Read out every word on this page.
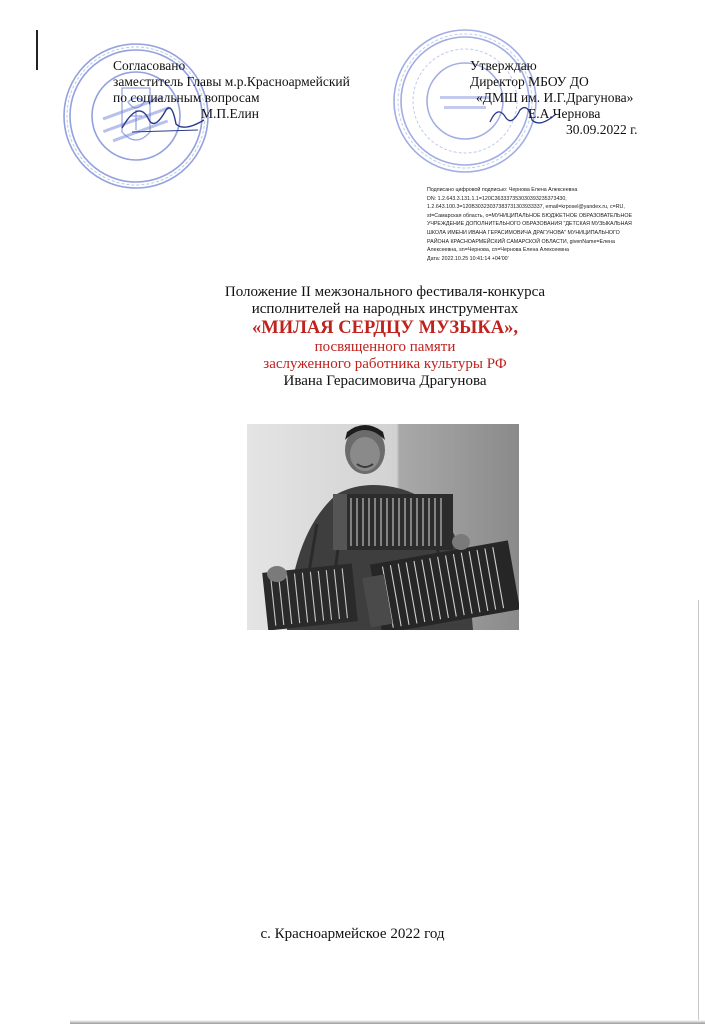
Согласовано
заместитель Главы м.р.Красноармейский
по социальным вопросам
М.П.Елин
Утверждаю
Директор МБОУ ДО
«ДМШ им. И.Г.Драгунова»
Е.А.Чернова
30.09.2022 г.
Подписано цифровой подписью: Чернова Елена Алексеевна
DN: 1.2.643.3.131.1.1=120C363337353030393235373430,
1.2.643.100.3=120B30323037383731303933337, email=krposel@yandex.ru, c=RU,
st=Самарская область, o=МУНИЦИПАЛЬНОЕ БЮДЖЕТНОЕ ОБРАЗОВАТЕЛЬНОЕ
УЧРЕЖДЕНИЕ ДОПОЛНИТЕЛЬНОГО ОБРАЗОВАНИЯ "ДЕТСКАЯ МУЗЫКАЛЬНАЯ
ШКОЛА ИМЕНИ ИВАНА ГЕРАСИМОВИЧА ДРАГУНОВА" МУНИЦИПАЛЬНОГО
РАЙОНА КРАСНОАРМЕЙСКИЙ САМАРСКОЙ ОБЛАСТИ, givenName=Елена
Алексеевна, sn=Чернова, cn=Чернова Елена Алексеевна
Дата: 2022.10.25 10:41:14 +04'00'
Положение II межзонального фестиваля-конкурса
исполнителей на народных инструментах
«МИЛАЯ СЕРДЦУ МУЗЫКА»,
посвященного памяти
заслуженного работника культуры РФ
Ивана Герасимовича Драгунова
с. Красноармейское 2022 год
